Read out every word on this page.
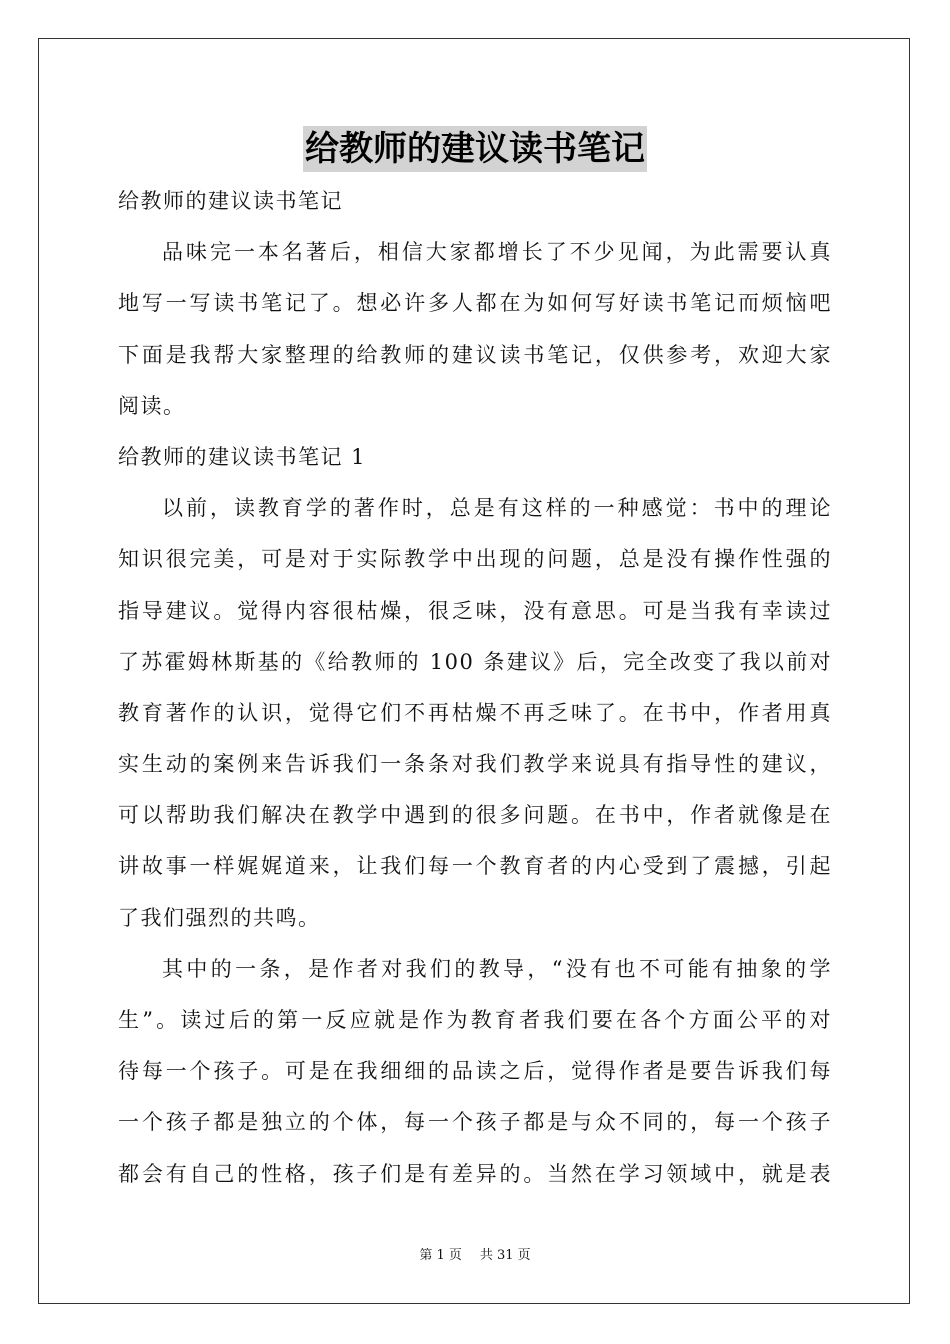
给教师的建议读书笔记
给教师的建议读书笔记
品味完一本名著后，相信大家都增长了不少见闻，为此需要认真
地写一写读书笔记了。想必许多人都在为如何写好读书笔记而烦恼吧
下面是我帮大家整理的给教师的建议读书笔记，仅供参考，欢迎大家
阅读。
给教师的建议读书笔记 1
以前，读教育学的著作时，总是有这样的一种感觉：书中的理论
知识很完美，可是对于实际教学中出现的问题，总是没有操作性强的
指导建议。觉得内容很枯燥，很乏味，没有意思。可是当我有幸读过
了苏霍姆林斯基的《给教师的 100 条建议》后，完全改变了我以前对
教育著作的认识，觉得它们不再枯燥不再乏味了。在书中，作者用真
实生动的案例来告诉我们一条条对我们教学来说具有指导性的建议，
可以帮助我们解决在教学中遇到的很多问题。在书中，作者就像是在
讲故事一样娓娓道来，让我们每一个教育者的内心受到了震撼，引起
了我们强烈的共鸣。
其中的一条，是作者对我们的教导，“没有也不可能有抽象的学
生”。读过后的第一反应就是作为教育者我们要在各个方面公平的对
待每一个孩子。可是在我细细的品读之后，觉得作者是要告诉我们每
一个孩子都是独立的个体，每一个孩子都是与众不同的，每一个孩子
都会有自己的性格，孩子们是有差异的。当然在学习领域中，就是表
第 1 页 共 31 页
